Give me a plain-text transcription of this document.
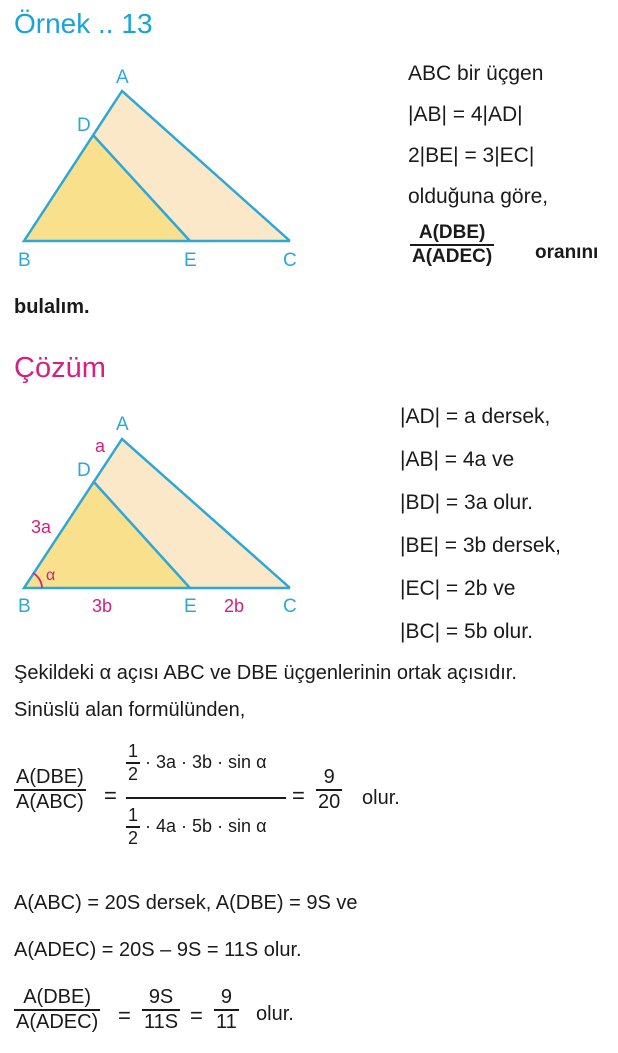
Örnek .. 13
A
D
B	E	C
ABC bir üçgen
|AB| = 4|AD|
2|BE| = 3|EC|
olduğuna göre,
$\frac{\text{A(DBE)}}{\text{A(ADEC)}}$ oranını
bulalım.
Çözüm
A
D
B	E	C
a
3a
α
3b	2b
|AD| = a dersek,
|AB| = 4a ve
|BD| = 3a olur.
|BE| = 3b dersek,
|EC| = 2b ve
|BC| = 5b olur.
Şekildeki α açısı ABC ve DBE üçgenlerinin ortak açısıdır.
Sinüslü alan formülünden,
$\frac{\text{A(DBE)}}{\text{A(ABC)}}$ =
$\frac{1}{2} \cdot 3a \cdot 3b \cdot \sin \alpha$
$\frac{1}{2} \cdot 4a \cdot 5b \cdot \sin \alpha$
= $\frac{9}{20}$ olur.
A(ABC) = 20S dersek, A(DBE) = 9S ve
A(ADEC) = 20S – 9S = 11S olur.
$\frac{\text{A(DBE)}}{\text{A(ADEC)}} = \frac{9S}{11S} = \frac{9}{11}$ olur.
